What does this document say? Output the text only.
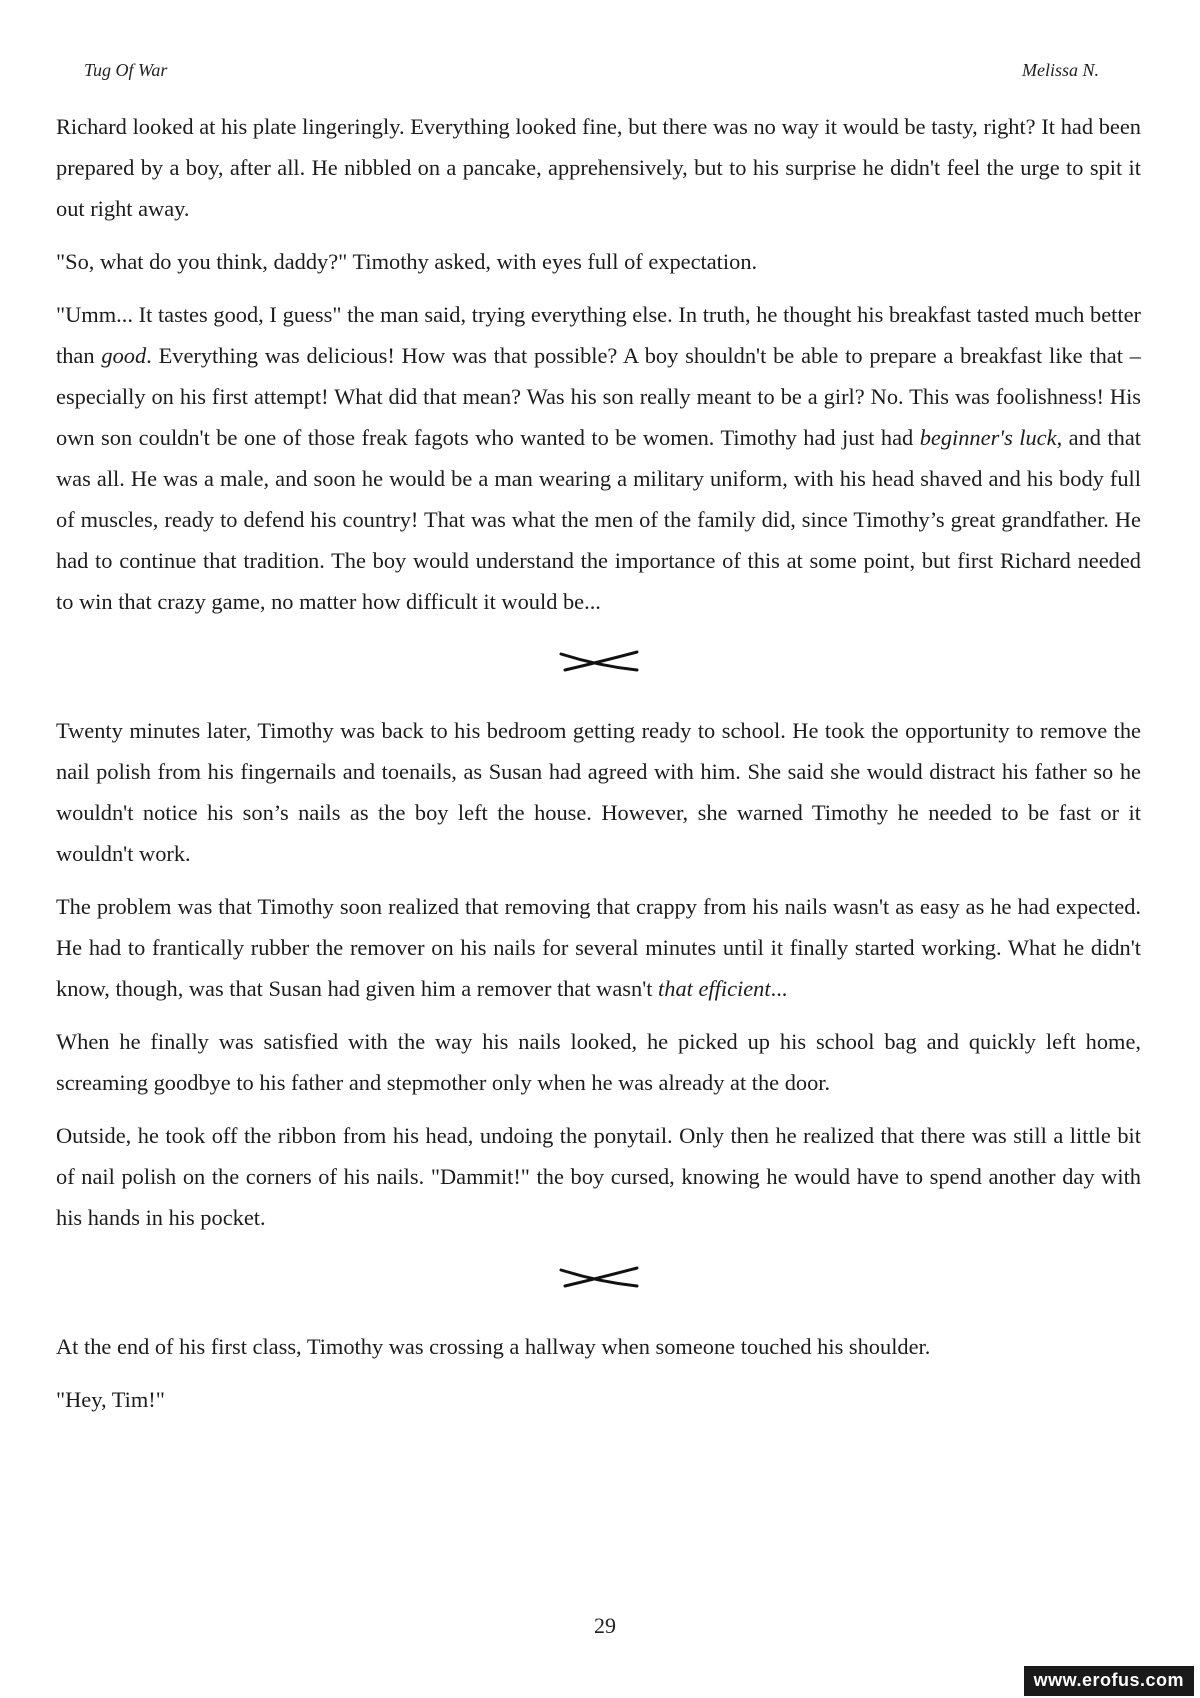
Tug Of War	Melissa N.

Richard looked at his plate lingeringly. Everything looked fine, but there was no way it would be tasty, right? It had been prepared by a boy, after all. He nibbled on a pancake, apprehensively, but to his surprise he didn't feel the urge to spit it out right away.

"So, what do you think, daddy?" Timothy asked, with eyes full of expectation.

"Umm... It tastes good, I guess" the man said, trying everything else. In truth, he thought his breakfast tasted much better than good. Everything was delicious! How was that possible? A boy shouldn't be able to prepare a breakfast like that – especially on his first attempt! What did that mean? Was his son really meant to be a girl? No. This was foolishness! His own son couldn't be one of those freak fagots who wanted to be women. Timothy had just had beginner's luck, and that was all. He was a male, and soon he would be a man wearing a military uniform, with his head shaved and his body full of muscles, ready to defend his country! That was what the men of the family did, since Timothy’s great grandfather. He had to continue that tradition. The boy would understand the importance of this at some point, but first Richard needed to win that crazy game, no matter how difficult it would be...

Twenty minutes later, Timothy was back to his bedroom getting ready to school. He took the opportunity to remove the nail polish from his fingernails and toenails, as Susan had agreed with him. She said she would distract his father so he wouldn't notice his son’s nails as the boy left the house. However, she warned Timothy he needed to be fast or it wouldn't work.

The problem was that Timothy soon realized that removing that crappy from his nails wasn't as easy as he had expected. He had to frantically rubber the remover on his nails for several minutes until it finally started working. What he didn't know, though, was that Susan had given him a remover that wasn't that efficient...

When he finally was satisfied with the way his nails looked, he picked up his school bag and quickly left home, screaming goodbye to his father and stepmother only when he was already at the door.

Outside, he took off the ribbon from his head, undoing the ponytail. Only then he realized that there was still a little bit of nail polish on the corners of his nails. "Dammit!" the boy cursed, knowing he would have to spend another day with his hands in his pocket.

At the end of his first class, Timothy was crossing a hallway when someone touched his shoulder.

"Hey, Tim!"

29
www.erofus.com
